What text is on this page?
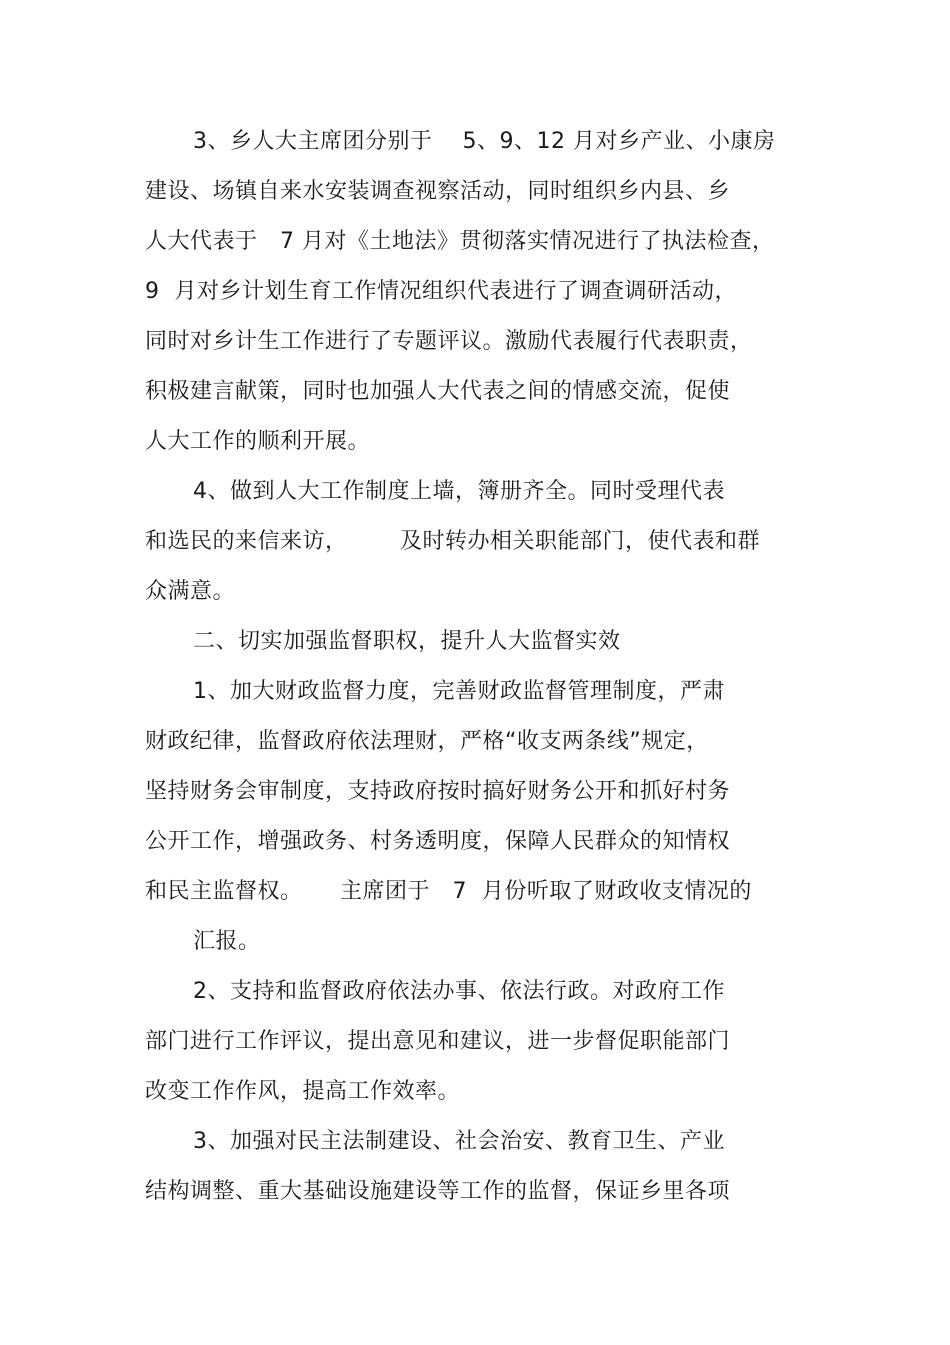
3、乡人大主席团分别于    5、9、12 月对乡产业、小康房
建设、场镇自来水安装调查视察活动，同时组织乡内县、乡
人大代表于   7 月对《土地法》贯彻落实情况进行了执法检查，
9  月对乡计划生育工作情况组织代表进行了调查调研活动，
同时对乡计生工作进行了专题评议。激励代表履行代表职责，
积极建言献策，同时也加强人大代表之间的情感交流，促使
人大工作的顺利开展。
4、做到人大工作制度上墙，簿册齐全。同时受理代表
和选民的来信来访，       及时转办相关职能部门，使代表和群
众满意。
二、切实加强监督职权，提升人大监督实效
1、加大财政监督力度，完善财政监督管理制度，严肃
财政纪律，监督政府依法理财，严格“收支两条线”规定，
坚持财务会审制度，支持政府按时搞好财务公开和抓好村务
公开工作，增强政务、村务透明度，保障人民群众的知情权
和民主监督权。     主席团于   7  月份听取了财政收支情况的
汇报。
2、支持和监督政府依法办事、依法行政。对政府工作
部门进行工作评议，提出意见和建议，进一步督促职能部门
改变工作作风，提高工作效率。
3、加强对民主法制建设、社会治安、教育卫生、产业
结构调整、重大基础设施建设等工作的监督，保证乡里各项
